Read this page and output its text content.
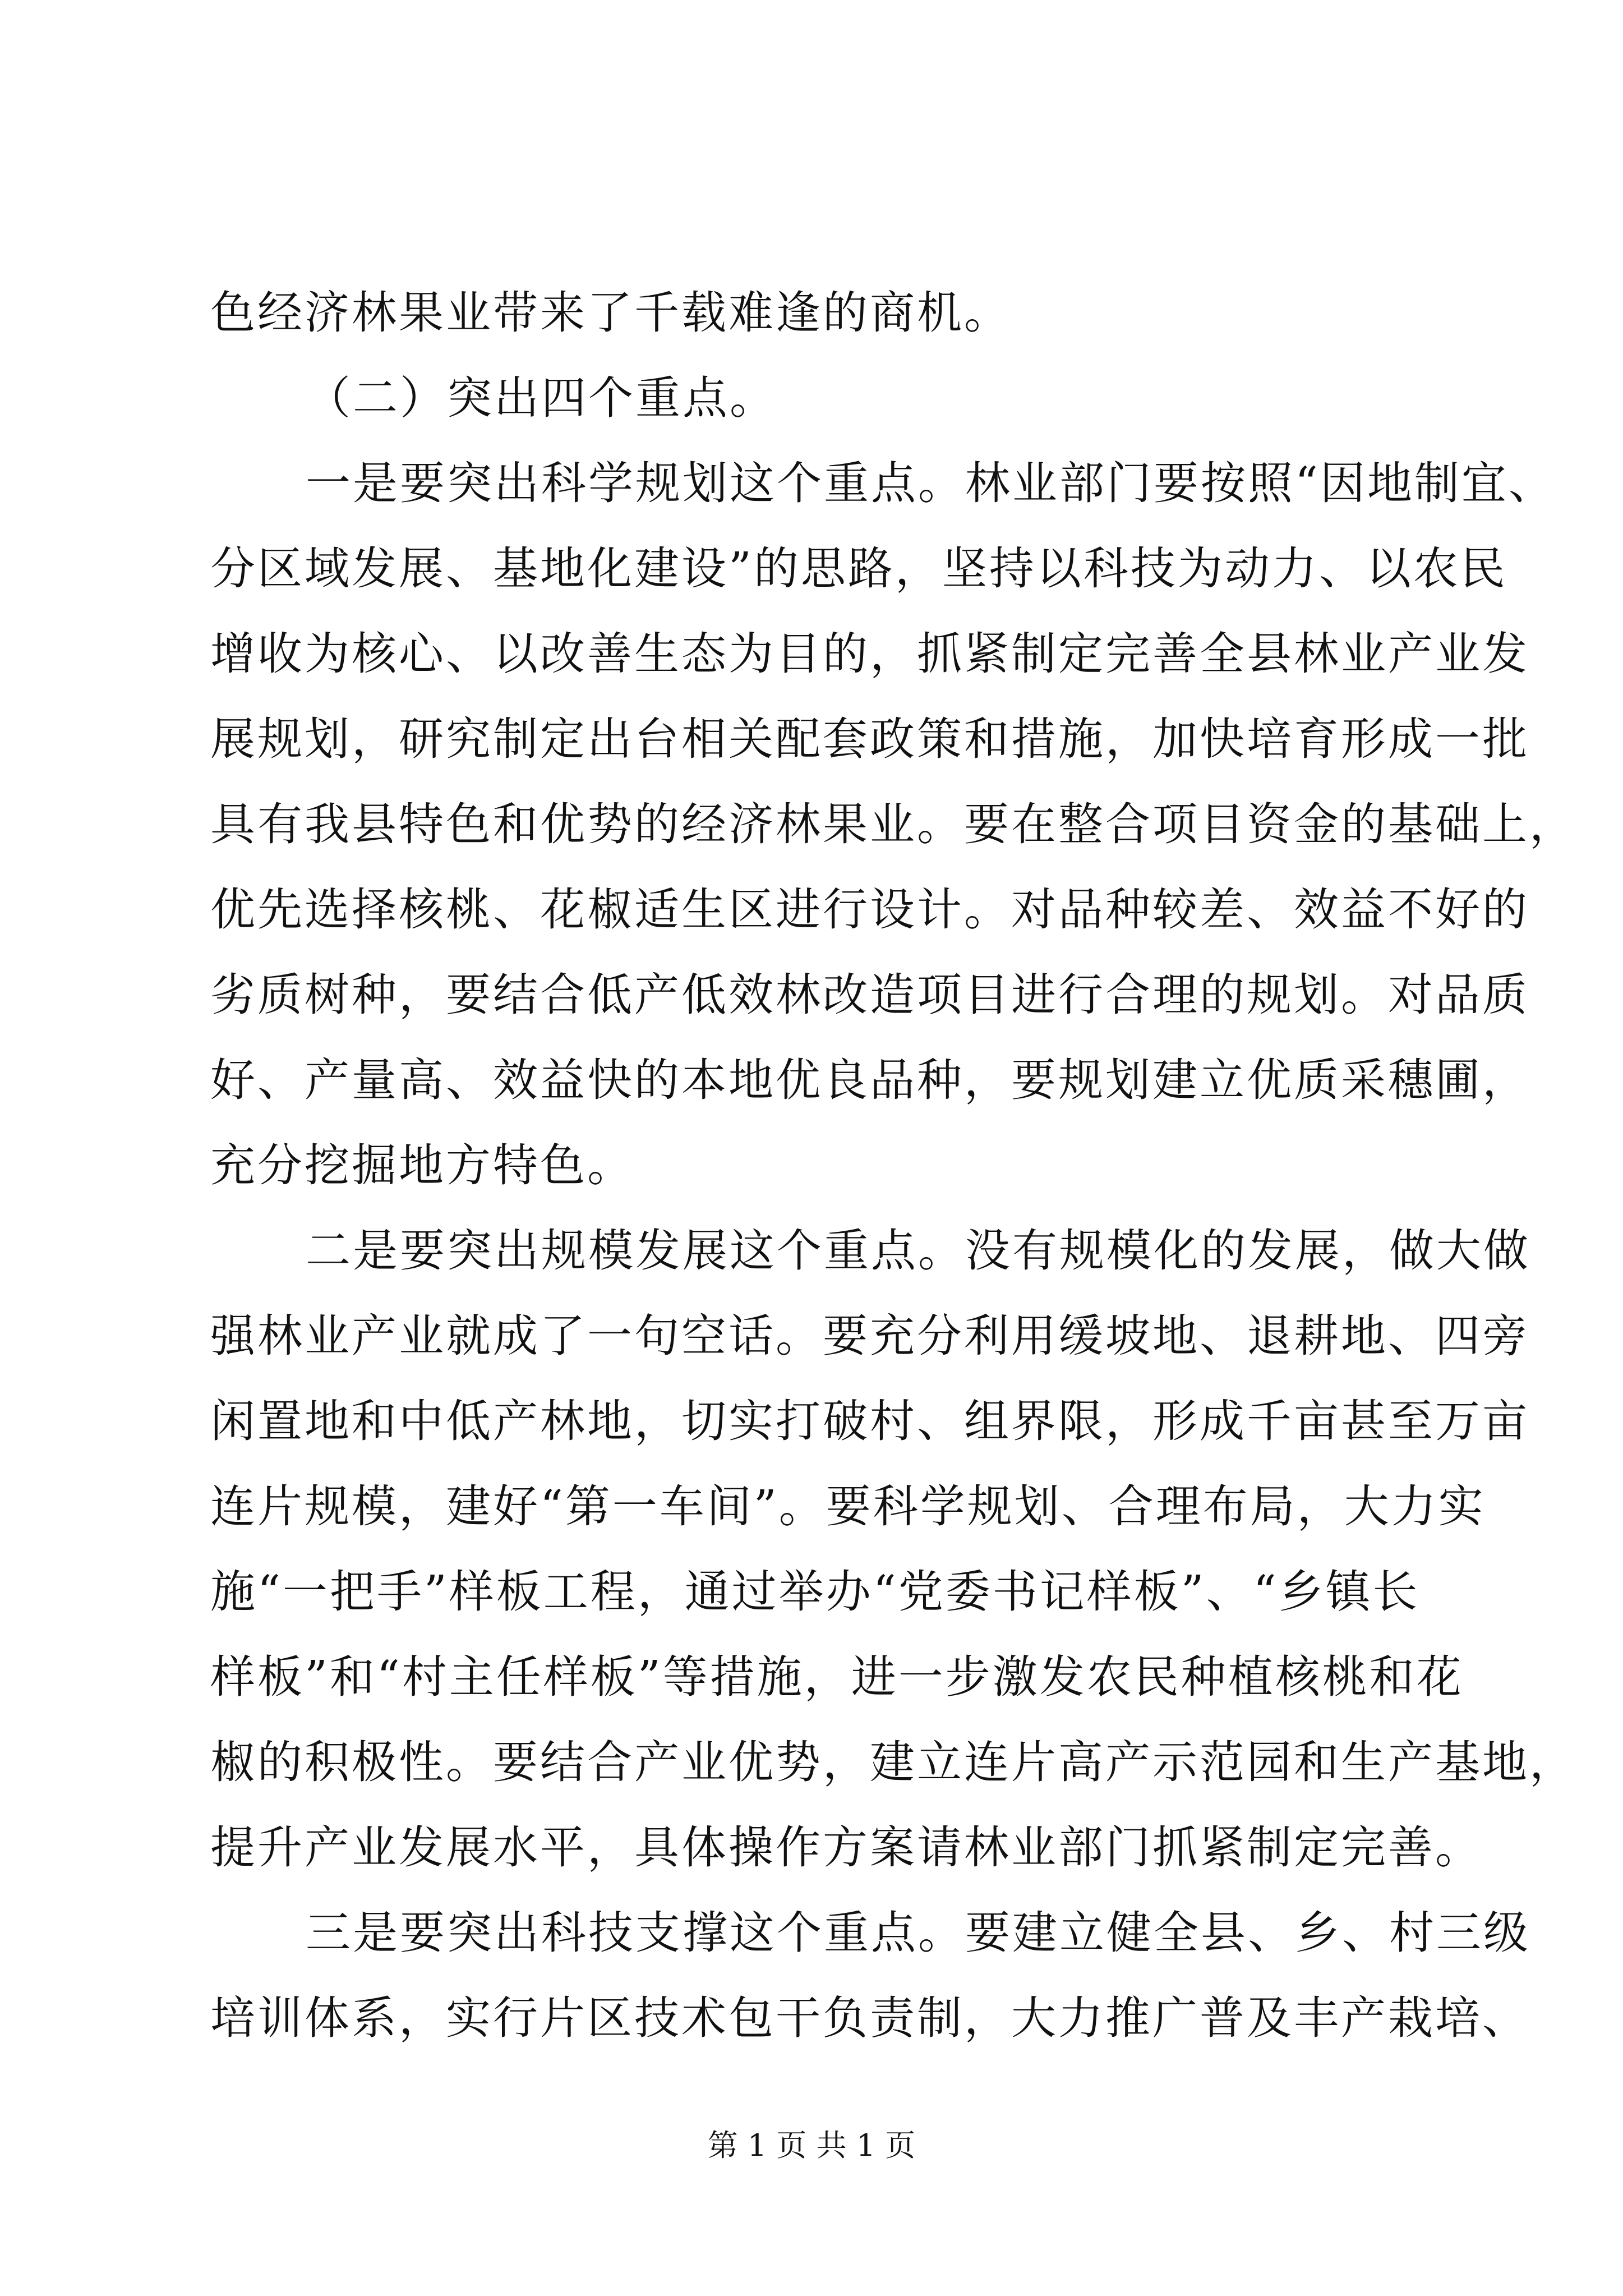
色经济林果业带来了千载难逢的商机。
（二）突出四个重点。
一是要突出科学规划这个重点。林业部门要按照“因地制宜、
分区域发展、基地化建设”的思路，坚持以科技为动力、以农民
增收为核心、以改善生态为目的，抓紧制定完善全县林业产业发
展规划，研究制定出台相关配套政策和措施，加快培育形成一批
具有我县特色和优势的经济林果业。要在整合项目资金的基础上，
优先选择核桃、花椒适生区进行设计。对品种较差、效益不好的
劣质树种，要结合低产低效林改造项目进行合理的规划。对品质
好、产量高、效益快的本地优良品种，要规划建立优质采穗圃，
充分挖掘地方特色。
二是要突出规模发展这个重点。没有规模化的发展，做大做
强林业产业就成了一句空话。要充分利用缓坡地、退耕地、四旁
闲置地和中低产林地，切实打破村、组界限，形成千亩甚至万亩
连片规模，建好“第一车间”。要科学规划、合理布局，大力实
施“一把手”样板工程，通过举办“党委书记样板”、“乡镇长
样板”和“村主任样板”等措施，进一步激发农民种植核桃和花
椒的积极性。要结合产业优势，建立连片高产示范园和生产基地，
提升产业发展水平，具体操作方案请林业部门抓紧制定完善。
三是要突出科技支撑这个重点。要建立健全县、乡、村三级
培训体系，实行片区技术包干负责制，大力推广普及丰产栽培、
第 1 页 共 1 页
